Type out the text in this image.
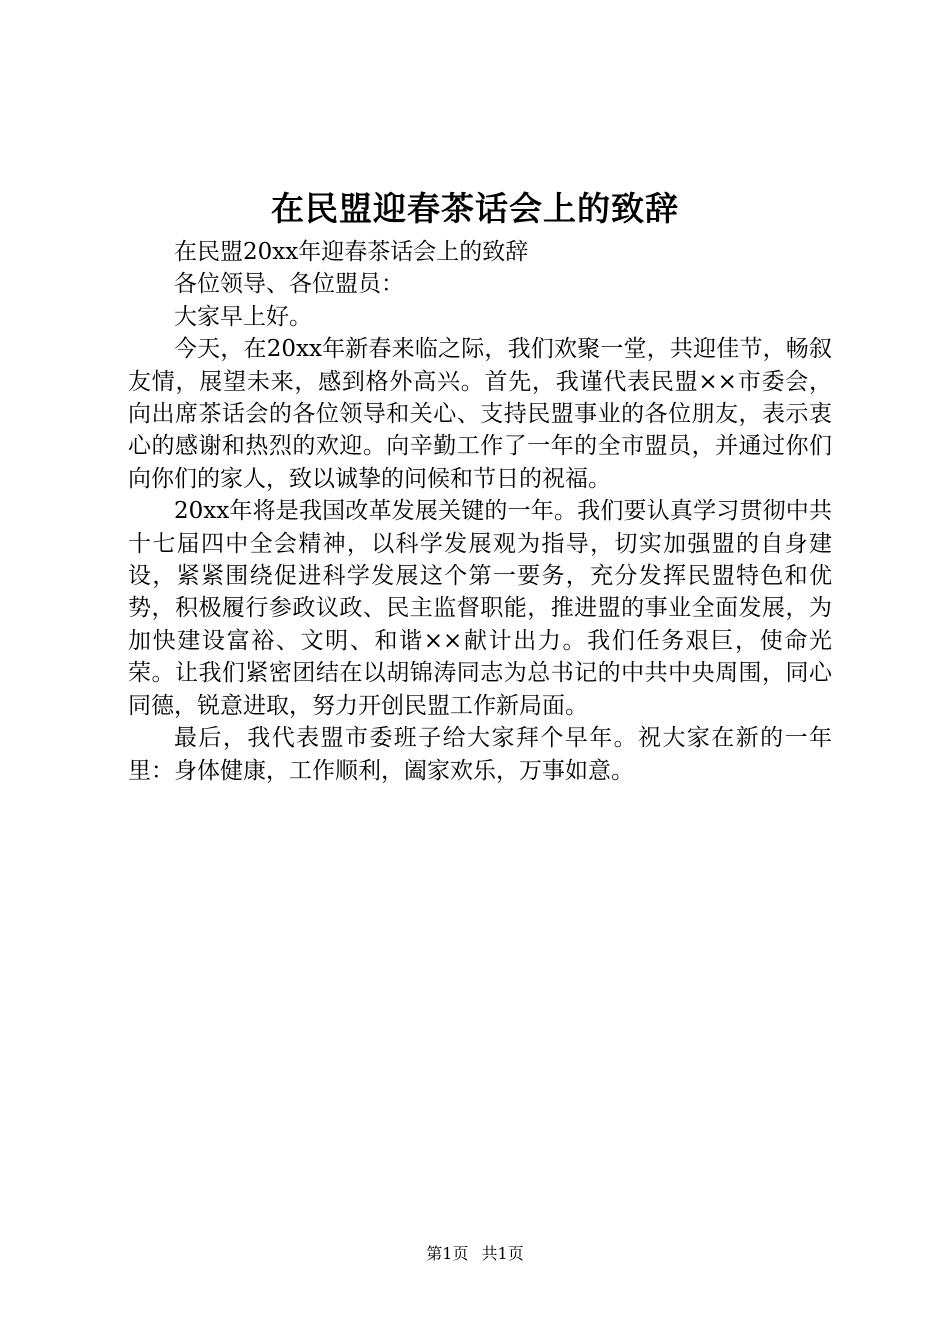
在民盟迎春茶话会上的致辞

在民盟20xx年迎春茶话会上的致辞

各位领导、各位盟员：

大家早上好。

今天，在20xx年新春来临之际，我们欢聚一堂，共迎佳节，畅叙友情，展望未来，感到格外高兴。首先，我谨代表民盟××市委会，向出席茶话会的各位领导和关心、支持民盟事业的各位朋友，表示衷心的感谢和热烈的欢迎。向辛勤工作了一年的全市盟员，并通过你们向你们的家人，致以诚挚的问候和节日的祝福。

20xx年将是我国改革发展关键的一年。我们要认真学习贯彻中共十七届四中全会精神，以科学发展观为指导，切实加强盟的自身建设，紧紧围绕促进科学发展这个第一要务，充分发挥民盟特色和优势，积极履行参政议政、民主监督职能，推进盟的事业全面发展，为加快建设富裕、文明、和谐××献计出力。我们任务艰巨，使命光荣。让我们紧密团结在以胡锦涛同志为总书记的中共中央周围，同心同德，锐意进取，努力开创民盟工作新局面。

最后，我代表盟市委班子给大家拜个早年。祝大家在新的一年里：身体健康，工作顺利，阖家欢乐，万事如意。

第1页 共1页
